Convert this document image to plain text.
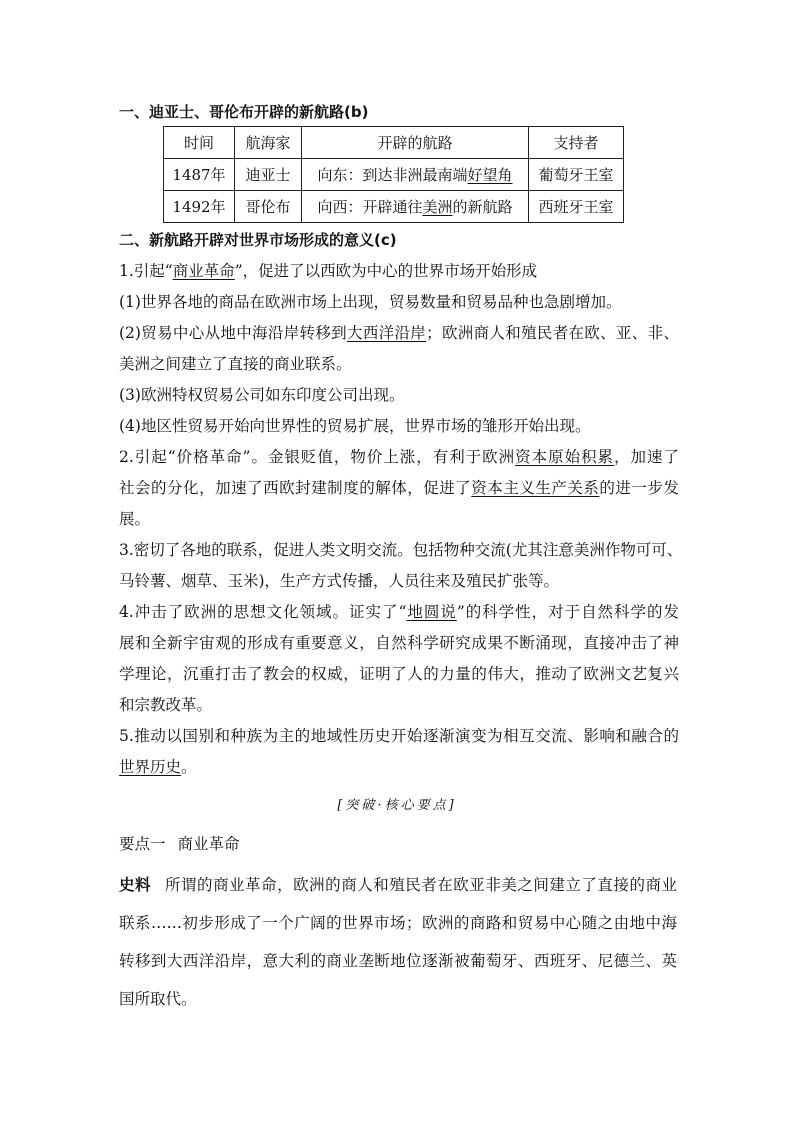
一、迪亚士、哥伦布开辟的新航路(b)
时间	航海家	开辟的航路	支持者
1487年	迪亚士	向东：到达非洲最南端好望角	葡萄牙王室
1492年	哥伦布	向西：开辟通往美洲的新航路	西班牙王室
二、新航路开辟对世界市场形成的意义(c)
1.引起“商业革命”，促进了以西欧为中心的世界市场开始形成
(1)世界各地的商品在欧洲市场上出现，贸易数量和贸易品种也急剧增加。
(2)贸易中心从地中海沿岸转移到大西洋沿岸；欧洲商人和殖民者在欧、亚、非、
美洲之间建立了直接的商业联系。
(3)欧洲特权贸易公司如东印度公司出现。
(4)地区性贸易开始向世界性的贸易扩展，世界市场的雏形开始出现。
2.引起“价格革命”。金银贬值，物价上涨，有利于欧洲资本原始积累，加速了
社会的分化，加速了西欧封建制度的解体，促进了资本主义生产关系的进一步发
展。
3.密切了各地的联系，促进人类文明交流。包括物种交流(尤其注意美洲作物可可、
马铃薯、烟草、玉米)，生产方式传播，人员往来及殖民扩张等。
4.冲击了欧洲的思想文化领域。证实了“地圆说”的科学性，对于自然科学的发
展和全新宇宙观的形成有重要意义，自然科学研究成果不断涌现，直接冲击了神
学理论，沉重打击了教会的权威，证明了人的力量的伟大，推动了欧洲文艺复兴
和宗教改革。
5.推动以国别和种族为主的地域性历史开始逐渐演变为相互交流、影响和融合的
世界历史。
[突破·核心要点]
要点一 商业革命
史料 所谓的商业革命，欧洲的商人和殖民者在欧亚非美之间建立了直接的商业
联系……初步形成了一个广阔的世界市场；欧洲的商路和贸易中心随之由地中海
转移到大西洋沿岸，意大利的商业垄断地位逐渐被葡萄牙、西班牙、尼德兰、英
国所取代。
